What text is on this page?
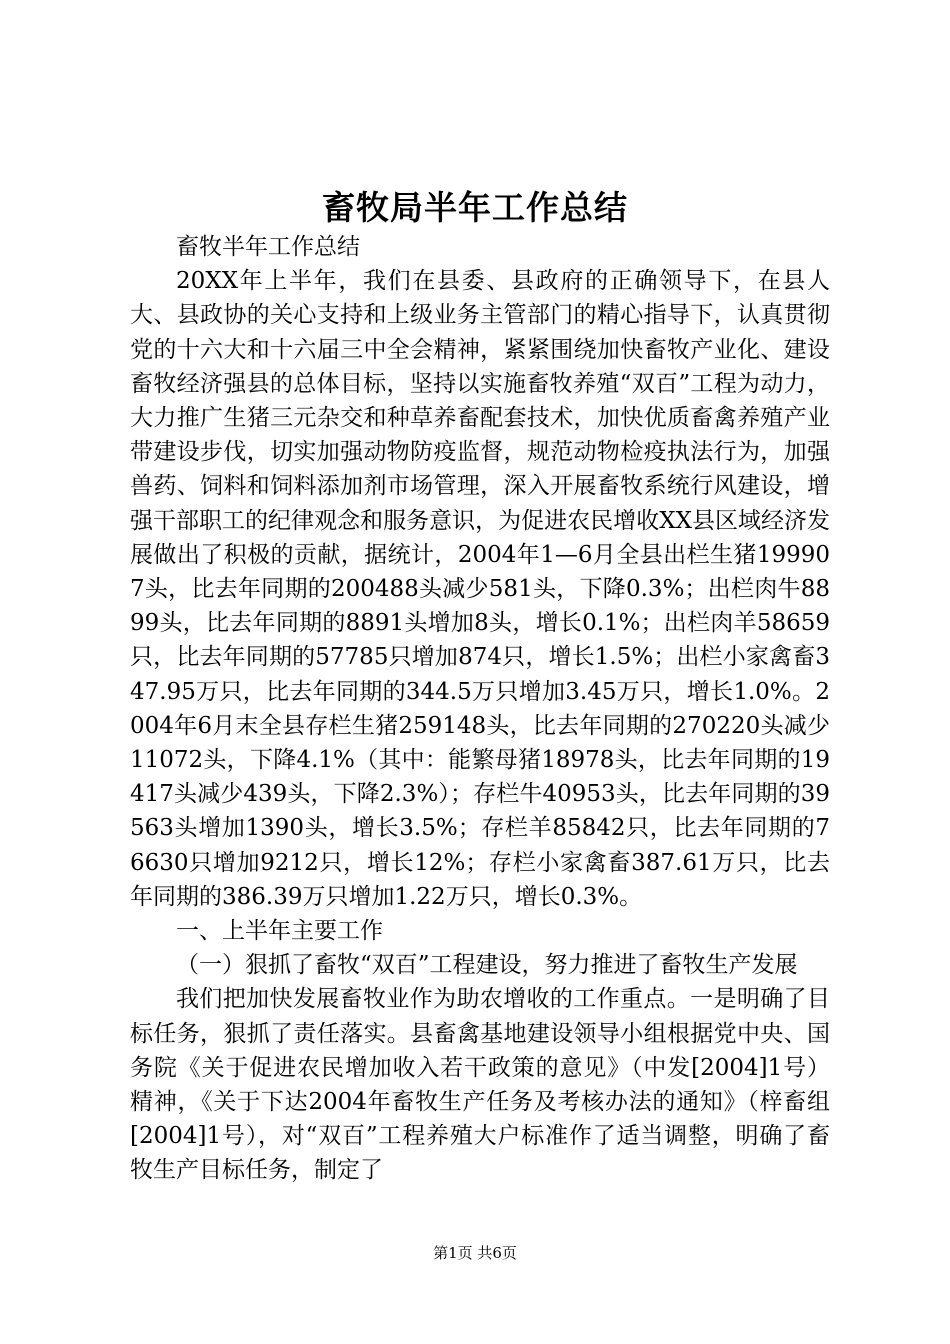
畜牧局半年工作总结

畜牧半年工作总结

20XX年上半年，我们在县委、县政府的正确领导下，在县人大、县政协的关心支持和上级业务主管部门的精心指导下，认真贯彻党的十六大和十六届三中全会精神，紧紧围绕加快畜牧产业化、建设畜牧经济强县的总体目标，坚持以实施畜牧养殖“双百”工程为动力，大力推广生猪三元杂交和种草养畜配套技术，加快优质畜禽养殖产业带建设步伐，切实加强动物防疫监督，规范动物检疫执法行为，加强兽药、饲料和饲料添加剂市场管理，深入开展畜牧系统行风建设，增强干部职工的纪律观念和服务意识，为促进农民增收XX县区域经济发展做出了积极的贡献，据统计，2004年1—6月全县出栏生猪199907头，比去年同期的200488头减少581头，下降0.3%；出栏肉牛8899头，比去年同期的8891头增加8头，增长0.1%；出栏肉羊58659只，比去年同期的57785只增加874只，增长1.5%；出栏小家禽畜347.95万只，比去年同期的344.5万只增加3.45万只，增长1.0%。2004年6月末全县存栏生猪259148头，比去年同期的270220头减少11072头，下降4.1%（其中：能繁母猪18978头，比去年同期的19417头减少439头，下降2.3%）；存栏牛40953头，比去年同期的39563头增加1390头，增长3.5%；存栏羊85842只，比去年同期的76630只增加9212只，增长12%；存栏小家禽畜387.61万只，比去年同期的386.39万只增加1.22万只，增长0.3%。

一、上半年主要工作

（一）狠抓了畜牧“双百”工程建设，努力推进了畜牧生产发展

我们把加快发展畜牧业作为助农增收的工作重点。一是明确了目标任务，狠抓了责任落实。县畜禽基地建设领导小组根据党中央、国务院《关于促进农民增加收入若干政策的意见》（中发[2004]1号）精神，《关于下达2004年畜牧生产任务及考核办法的通知》（梓畜组[2004]1号），对“双百”工程养殖大户标准作了适当调整，明确了畜牧生产目标任务，制定了

第1页 共6页
